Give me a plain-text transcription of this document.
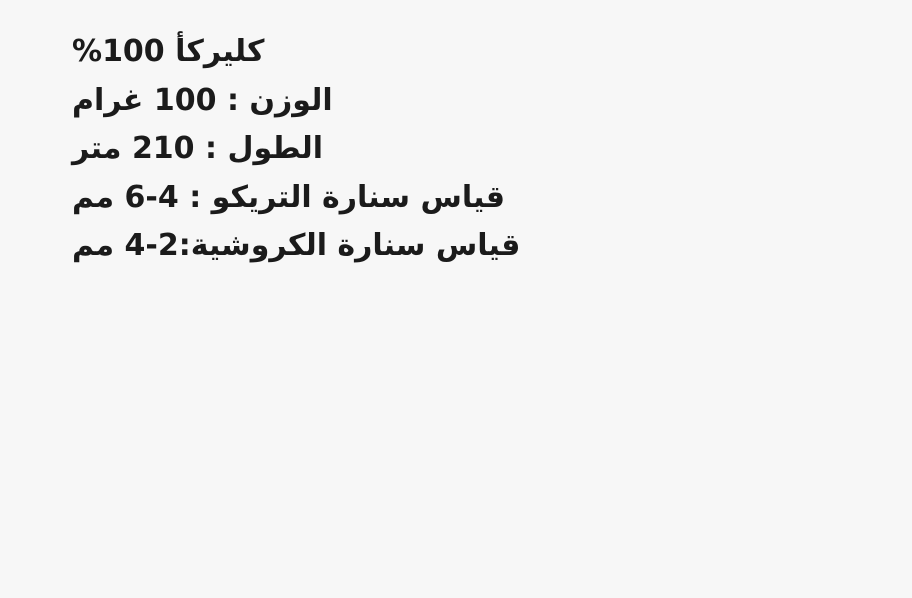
كليركأ 100%
الوزن : 100 غرام
الطول : 210 متر
قياس سنارة التريكو : 4-6 مم
قياس سنارة الكروشية:2-4 مم
